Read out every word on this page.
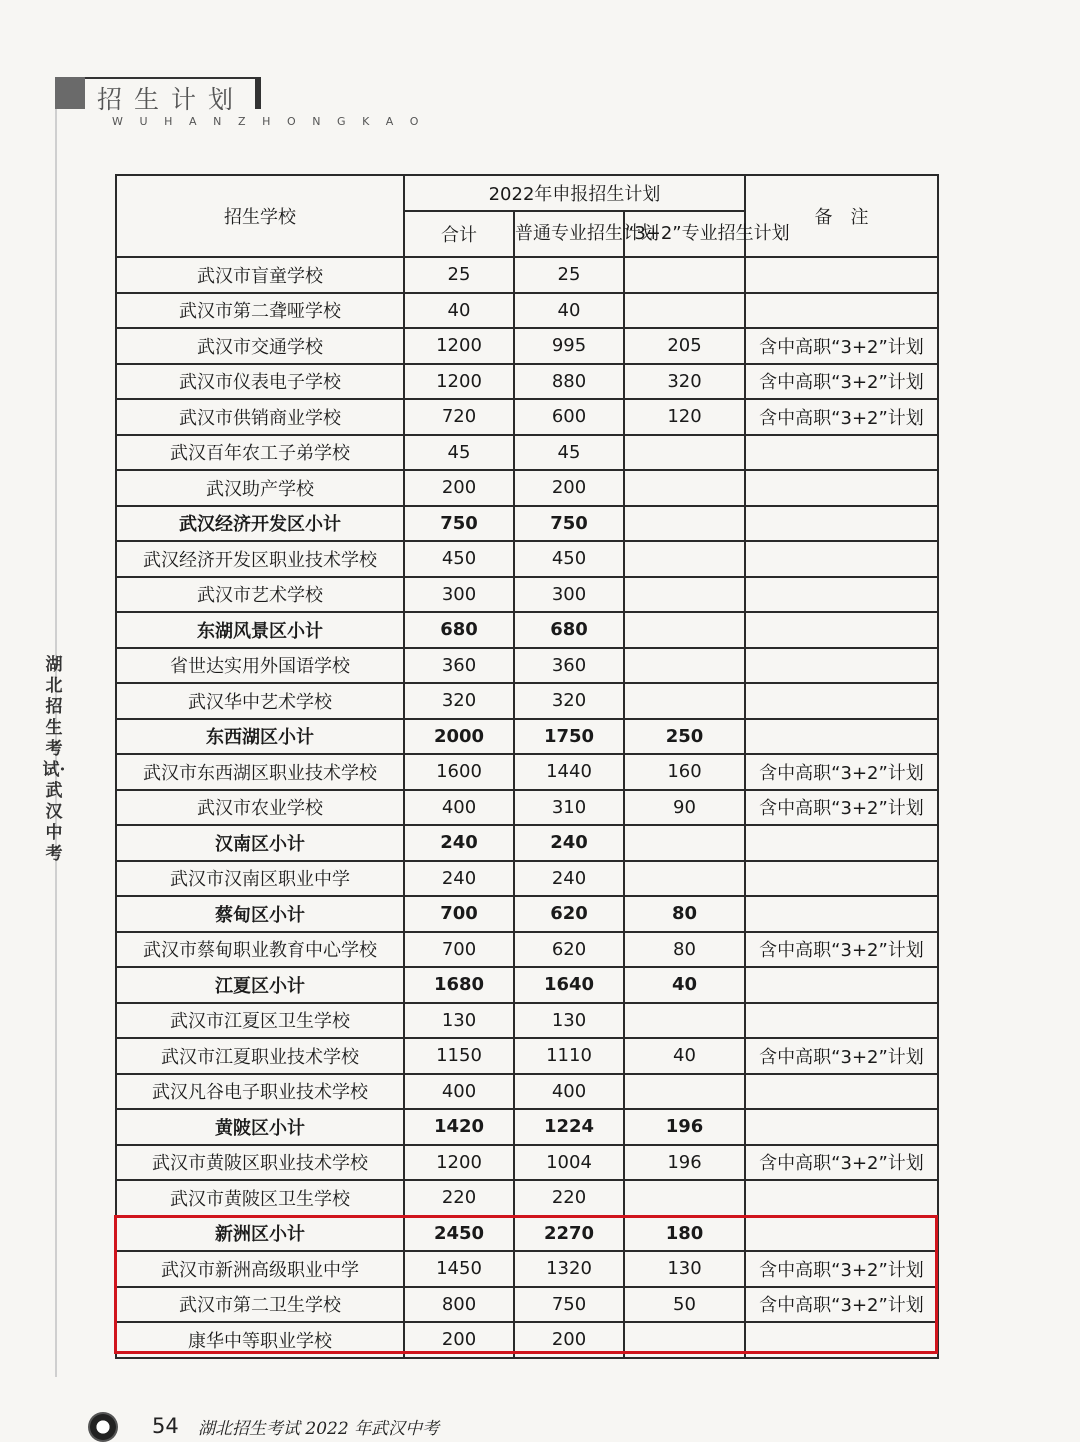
招生计划
WUHANZHONGKAO
湖北招生考试·武汉中考
招生学校	2022年申报招生计划			备　注
	合计	普通专业招生计划	“3+2”专业招生计划	
武汉市盲童学校	25	25		
武汉市第二聋哑学校	40	40		
武汉市交通学校	1200	995	205	含中高职“3+2”计划
武汉市仪表电子学校	1200	880	320	含中高职“3+2”计划
武汉市供销商业学校	720	600	120	含中高职“3+2”计划
武汉百年农工子弟学校	45	45		
武汉助产学校	200	200		
武汉经济开发区小计	750	750		
武汉经济开发区职业技术学校	450	450		
武汉市艺术学校	300	300		
东湖风景区小计	680	680		
省世达实用外国语学校	360	360		
武汉华中艺术学校	320	320		
东西湖区小计	2000	1750	250	
武汉市东西湖区职业技术学校	1600	1440	160	含中高职“3+2”计划
武汉市农业学校	400	310	90	含中高职“3+2”计划
汉南区小计	240	240		
武汉市汉南区职业中学	240	240		
蔡甸区小计	700	620	80	
武汉市蔡甸职业教育中心学校	700	620	80	含中高职“3+2”计划
江夏区小计	1680	1640	40	
武汉市江夏区卫生学校	130	130		
武汉市江夏职业技术学校	1150	1110	40	含中高职“3+2”计划
武汉凡谷电子职业技术学校	400	400		
黄陂区小计	1420	1224	196	
武汉市黄陂区职业技术学校	1200	1004	196	含中高职“3+2”计划
武汉市黄陂区卫生学校	220	220		
新洲区小计	2450	2270	180	
武汉市新洲高级职业中学	1450	1320	130	含中高职“3+2”计划
武汉市第二卫生学校	800	750	50	含中高职“3+2”计划
康华中等职业学校	200	200		
54 湖北招生考试 2022 年武汉中考
